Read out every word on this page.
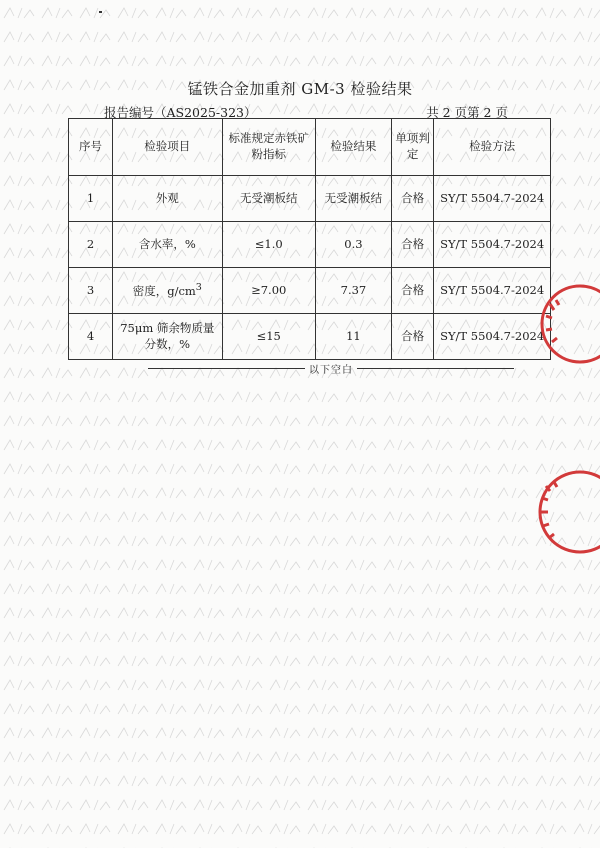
锰铁合金加重剂 GM-3 检验结果
报告编号（AS2025-323）	共 2 页第 2 页
序号	检验项目	标准规定赤铁矿粉指标	检验结果	单项判定	检验方法
1	外观	无受潮板结	无受潮板结	合格	SY/T 5504.7-2024
2	含水率，%	≤1.0	0.3	合格	SY/T 5504.7-2024
3	密度，$g/cm^3$	≥7.00	7.37	合格	SY/T 5504.7-2024
4	75μm 筛余物质量分数，%	≤15	11	合格	SY/T 5504.7-2024
以下空白
